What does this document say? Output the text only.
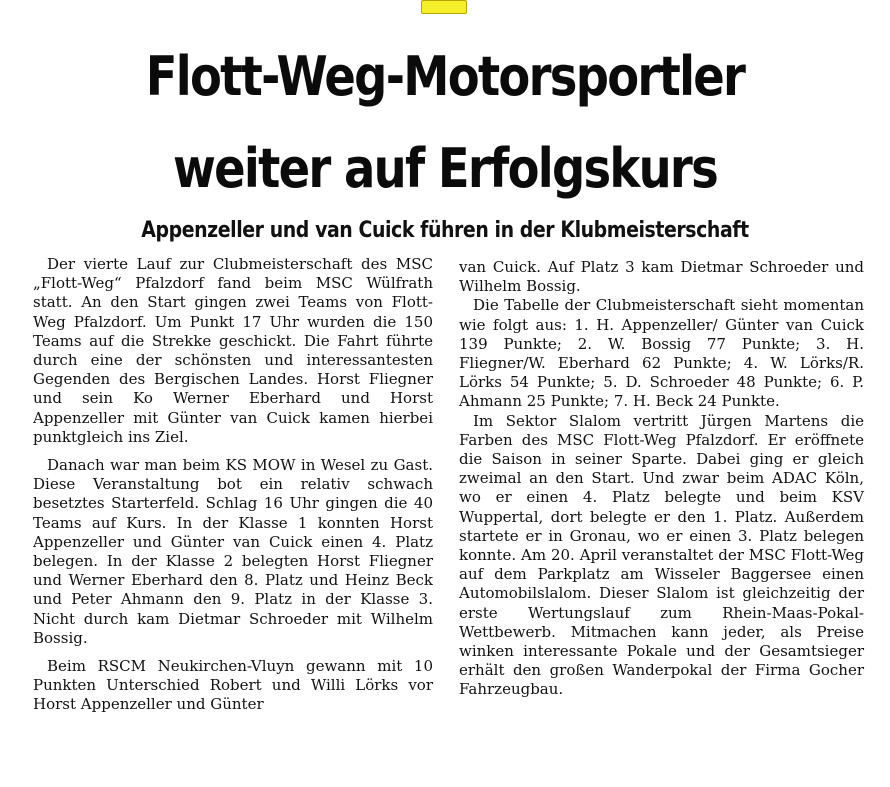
Flott-Weg-Motorsportler
weiter auf Erfolgskurs
Appenzeller und van Cuick führen in der Klubmeisterschaft

Der vierte Lauf zur Clubmeisterschaft des MSC „Flott-Weg“ Pfalzdorf fand beim MSC Wülfrath statt. An den Start gingen zwei Teams von Flott-Weg Pfalzdorf. Um Punkt 17 Uhr wurden die 150 Teams auf die Strekke geschickt. Die Fahrt führte durch eine der schönsten und interessantesten Gegenden des Bergischen Landes. Horst Fliegner und sein Ko Werner Eberhard und Horst Appenzeller mit Günter van Cuick kamen hierbei punktgleich ins Ziel.

Danach war man beim KS MOW in Wesel zu Gast. Diese Veranstaltung bot ein relativ schwach besetztes Starterfeld. Schlag 16 Uhr gingen die 40 Teams auf Kurs. In der Klasse 1 konnten Horst Appenzeller und Günter van Cuick einen 4. Platz belegen. In der Klasse 2 belegten Horst Fliegner und Werner Eberhard den 8. Platz und Heinz Beck und Peter Ahmann den 9. Platz in der Klasse 3. Nicht durch kam Dietmar Schroeder mit Wilhelm Bossig.

Beim RSCM Neukirchen-Vluyn gewann mit 10 Punkten Unterschied Robert und Willi Lörks vor Horst Appenzeller und Günter

van Cuick. Auf Platz 3 kam Dietmar Schroeder und Wilhelm Bossig.

Die Tabelle der Clubmeisterschaft sieht momentan wie folgt aus: 1. H. Appenzeller/ Günter van Cuick 139 Punkte; 2. W. Bossig 77 Punkte; 3. H. Fliegner/W. Eberhard 62 Punkte; 4. W. Lörks/R. Lörks 54 Punkte; 5. D. Schroeder 48 Punkte; 6. P. Ahmann 25 Punkte; 7. H. Beck 24 Punkte.

Im Sektor Slalom vertritt Jürgen Martens die Farben des MSC Flott-Weg Pfalzdorf. Er eröffnete die Saison in seiner Sparte. Dabei ging er gleich zweimal an den Start. Und zwar beim ADAC Köln, wo er einen 4. Platz belegte und beim KSV Wuppertal, dort belegte er den 1. Platz. Außerdem startete er in Gronau, wo er einen 3. Platz belegen konnte. Am 20. April veranstaltet der MSC Flott-Weg auf dem Parkplatz am Wisseler Baggersee einen Automobilslalom. Dieser Slalom ist gleichzeitig der erste Wertungslauf zum Rhein-Maas-Pokal-Wettbewerb. Mitmachen kann jeder, als Preise winken interessante Pokale und der Gesamtsieger erhält den großen Wanderpokal der Firma Gocher Fahrzeugbau.
